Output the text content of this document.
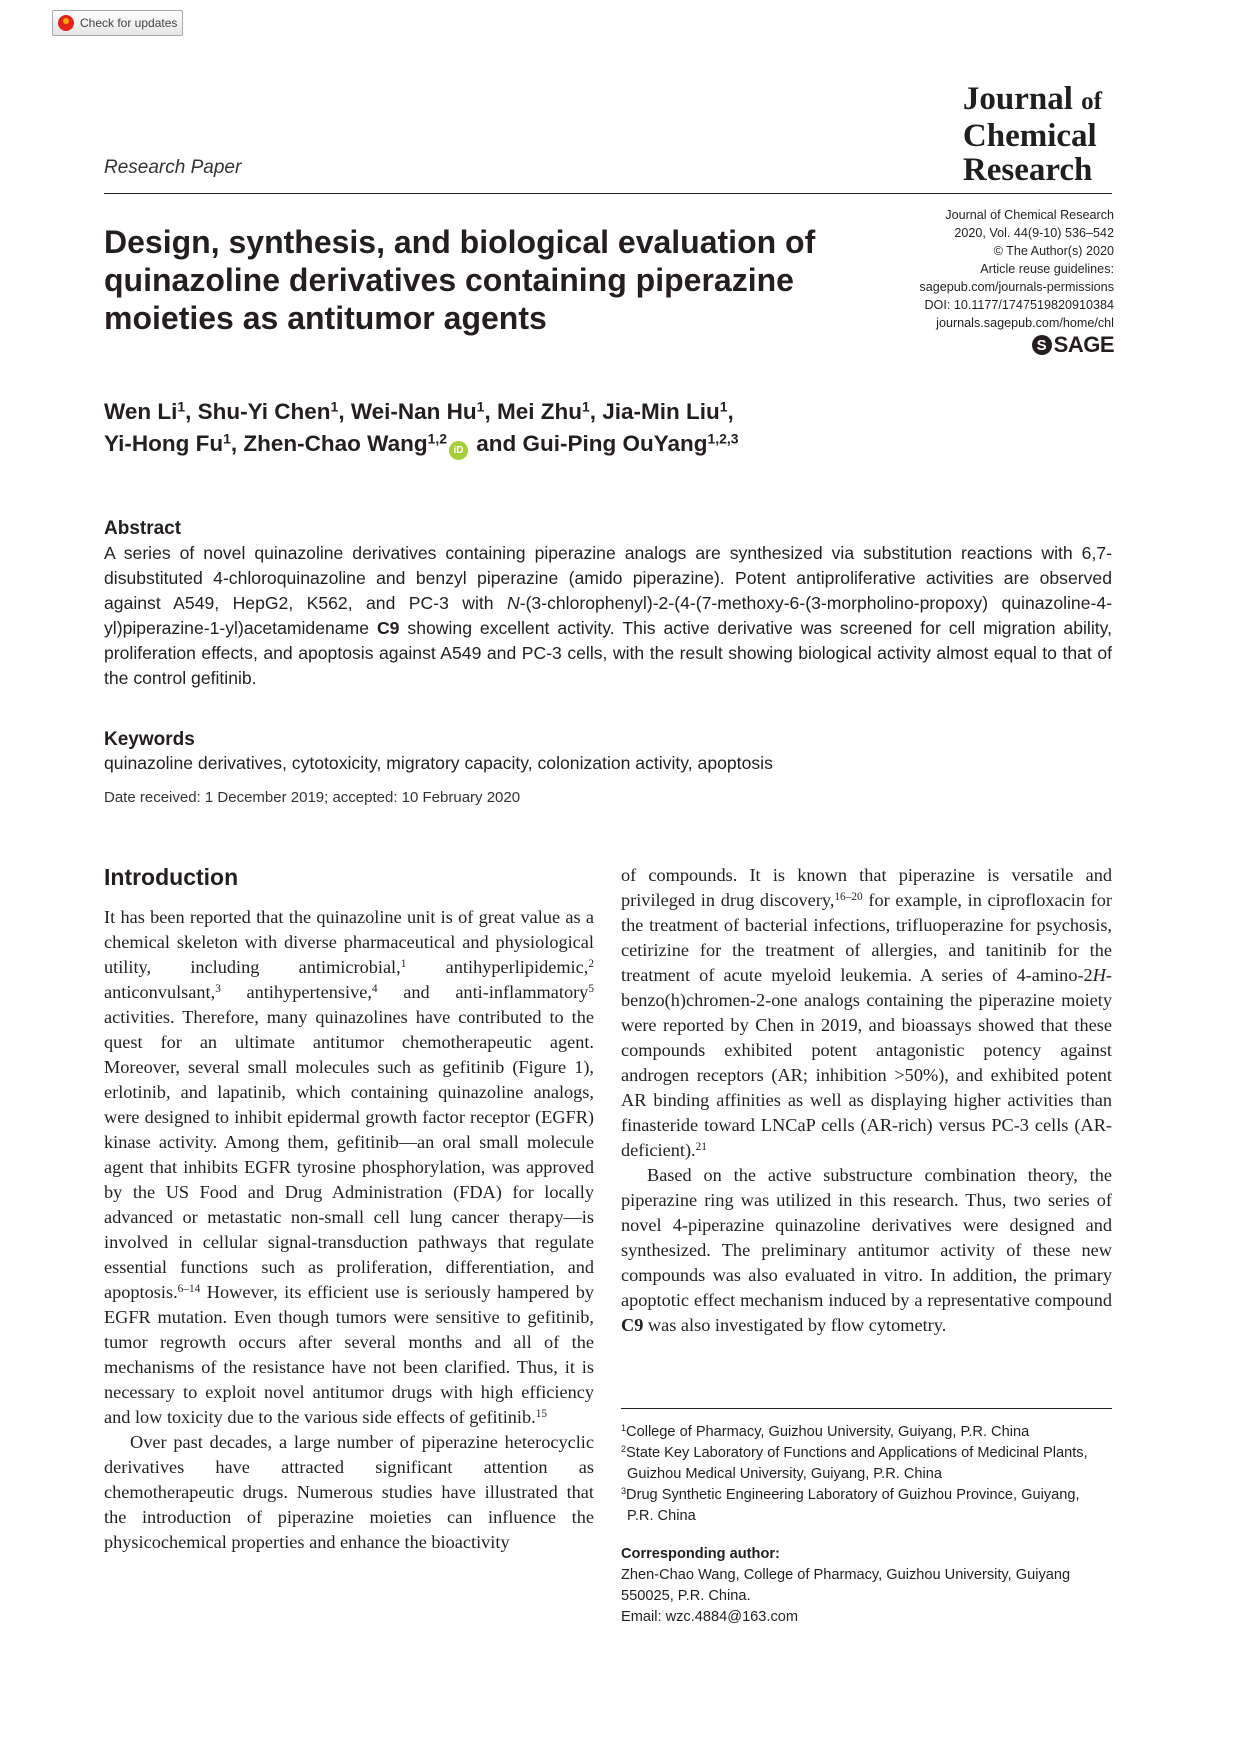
Check for updates
Journal of
Chemical
Research
Research Paper
Design, synthesis, and biological evaluation of quinazoline derivatives containing piperazine moieties as antitumor agents
Journal of Chemical Research
2020, Vol. 44(9-10) 536–542
© The Author(s) 2020
Article reuse guidelines:
sagepub.com/journals-permissions
DOI: 10.1177/1747519820910384
journals.sagepub.com/home/chl
S SAGE
Wen Li$^1$, Shu-Yi Chen$^1$, Wei-Nan Hu$^1$, Mei Zhu$^1$, Jia-Min Liu$^1$,
Yi-Hong Fu$^1$, Zhen-Chao Wang$^{1,2}$iD and Gui-Ping OuYang$^{1,2,3}$
Abstract
A series of novel quinazoline derivatives containing piperazine analogs are synthesized via substitution reactions with 6,7-disubstituted 4-chloroquinazoline and benzyl piperazine (amido piperazine). Potent antiproliferative activities are observed against A549, HepG2, K562, and PC-3 with N-(3-chlorophenyl)-2-(4-(7-methoxy-6-(3-morpholino-propoxy) quinazoline-4-yl)piperazine-1-yl)acetamidename C9 showing excellent activity. This active derivative was screened for cell migration ability, proliferation effects, and apoptosis against A549 and PC-3 cells, with the result showing biological activity almost equal to that of the control gefitinib.
Keywords
quinazoline derivatives, cytotoxicity, migratory capacity, colonization activity, apoptosis
Date received: 1 December 2019; accepted: 10 February 2020
Introduction

It has been reported that the quinazoline unit is of great value as a chemical skeleton with diverse pharmaceutical and physiological utility, including antimicrobial,$^1$ antihyperlipidemic,$^2$ anticonvulsant,$^3$ antihypertensive,$^4$ and anti-inflammatory$^5$ activities. Therefore, many quinazolines have contributed to the quest for an ultimate antitumor chemotherapeutic agent. Moreover, several small molecules such as gefitinib (Figure 1), erlotinib, and lapatinib, which containing quinazoline analogs, were designed to inhibit epidermal growth factor receptor (EGFR) kinase activity. Among them, gefitinib—an oral small molecule agent that inhibits EGFR tyrosine phosphorylation, was approved by the US Food and Drug Administration (FDA) for locally advanced or metastatic non-small cell lung cancer therapy—is involved in cellular signal-transduction pathways that regulate essential functions such as proliferation, differentiation, and apoptosis.$^{6-14}$ However, its efficient use is seriously hampered by EGFR mutation. Even though tumors were sensitive to gefitinib, tumor regrowth occurs after several months and all of the mechanisms of the resistance have not been clarified. Thus, it is necessary to exploit novel antitumor drugs with high efficiency and low toxicity due to the various side effects of gefitinib.$^{15}$

Over past decades, a large number of piperazine heterocyclic derivatives have attracted significant attention as chemotherapeutic drugs. Numerous studies have illustrated that the introduction of piperazine moieties can influence the physicochemical properties and enhance the bioactivity

of compounds. It is known that piperazine is versatile and privileged in drug discovery,$^{16-20}$ for example, in ciprofloxacin for the treatment of bacterial infections, trifluoperazine for psychosis, cetirizine for the treatment of allergies, and tanitinib for the treatment of acute myeloid leukemia. A series of 4-amino-2H-benzo(h)chromen-2-one analogs containing the piperazine moiety were reported by Chen in 2019, and bioassays showed that these compounds exhibited potent antagonistic potency against androgen receptors (AR; inhibition >50%), and exhibited potent AR binding affinities as well as displaying higher activities than finasteride toward LNCaP cells (AR-rich) versus PC-3 cells (AR-deficient).$^{21}$

Based on the active substructure combination theory, the piperazine ring was utilized in this research. Thus, two series of novel 4-piperazine quinazoline derivatives were designed and synthesized. The preliminary antitumor activity of these new compounds was also evaluated in vitro. In addition, the primary apoptotic effect mechanism induced by a representative compound C9 was also investigated by flow cytometry.

$^1$College of Pharmacy, Guizhou University, Guiyang, P.R. China
$^2$State Key Laboratory of Functions and Applications of Medicinal Plants,
Guizhou Medical University, Guiyang, P.R. China
$^3$Drug Synthetic Engineering Laboratory of Guizhou Province, Guiyang,
P.R. China
Corresponding author:
Zhen-Chao Wang, College of Pharmacy, Guizhou University, Guiyang
550025, P.R. China.
Email: wzc.4884@163.com
